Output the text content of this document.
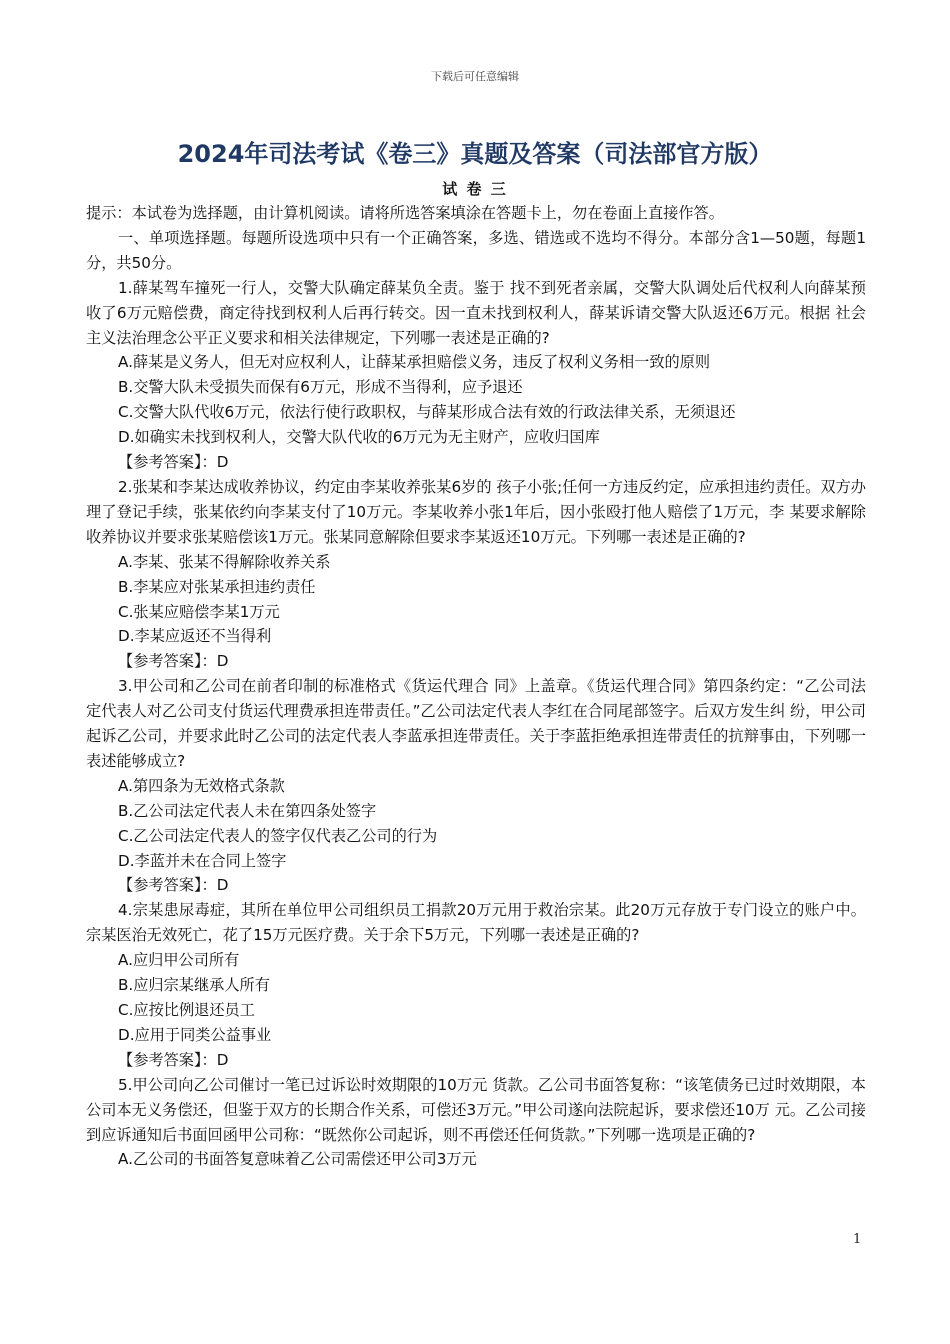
下载后可任意编辑
2024年司法考试《卷三》真题及答案（司法部官方版）
试 卷 三

提示：本试卷为选择题，由计算机阅读。请将所选答案填涂在答题卡上，勿在卷面上直接作答。

一、单项选择题。每题所设选项中只有一个正确答案，多选、错选或不选均不得分。本部分含1—50题，每题1分，共50分。

1.薛某驾车撞死一行人，交警大队确定薛某负全责。鉴于 找不到死者亲属，交警大队调处后代权利人向薛某预收了6万元赔偿费，商定待找到权利人后再行转交。因一直未找到权利人，薛某诉请交警大队返还6万元。根据 社会主义法治理念公平正义要求和相关法律规定，下列哪一表述是正确的?

A.薛某是义务人，但无对应权利人，让薛某承担赔偿义务，违反了权利义务相一致的原则

B.交警大队未受损失而保有6万元，形成不当得利，应予退还

C.交警大队代收6万元，依法行使行政职权，与薛某形成合法有效的行政法律关系，无须退还

D.如确实未找到权利人，交警大队代收的6万元为无主财产，应收归国库

【参考答案】：D

2.张某和李某达成收养协议，约定由李某收养张某6岁的 孩子小张;任何一方违反约定，应承担违约责任。双方办理了登记手续，张某依约向李某支付了10万元。李某收养小张1年后，因小张殴打他人赔偿了1万元，李 某要求解除收养协议并要求张某赔偿该1万元。张某同意解除但要求李某返还10万元。下列哪一表述是正确的?

A.李某、张某不得解除收养关系

B.李某应对张某承担违约责任

C.张某应赔偿李某1万元

D.李某应返还不当得利

【参考答案】：D

3.甲公司和乙公司在前者印制的标准格式《货运代理合 同》上盖章。《货运代理合同》第四条约定：“乙公司法定代表人对乙公司支付货运代理费承担连带责任。”乙公司法定代表人李红在合同尾部签字。后双方发生纠 纷，甲公司起诉乙公司，并要求此时乙公司的法定代表人李蓝承担连带责任。关于李蓝拒绝承担连带责任的抗辩事由，下列哪一表述能够成立?

A.第四条为无效格式条款

B.乙公司法定代表人未在第四条处签字

C.乙公司法定代表人的签字仅代表乙公司的行为

D.李蓝并未在合同上签字

【参考答案】：D

4.宗某患尿毒症，其所在单位甲公司组织员工捐款20万元用于救治宗某。此20万元存放于专门设立的账户中。宗某医治无效死亡，花了15万元医疗费。关于余下5万元，下列哪一表述是正确的?

A.应归甲公司所有

B.应归宗某继承人所有

C.应按比例退还员工

D.应用于同类公益事业

【参考答案】：D

5.甲公司向乙公司催讨一笔已过诉讼时效期限的10万元 货款。乙公司书面答复称：“该笔债务已过时效期限，本公司本无义务偿还，但鉴于双方的长期合作关系，可偿还3万元。”甲公司遂向法院起诉，要求偿还10万 元。乙公司接到应诉通知后书面回函甲公司称：“既然你公司起诉，则不再偿还任何货款。”下列哪一选项是正确的?

A.乙公司的书面答复意味着乙公司需偿还甲公司3万元

1
